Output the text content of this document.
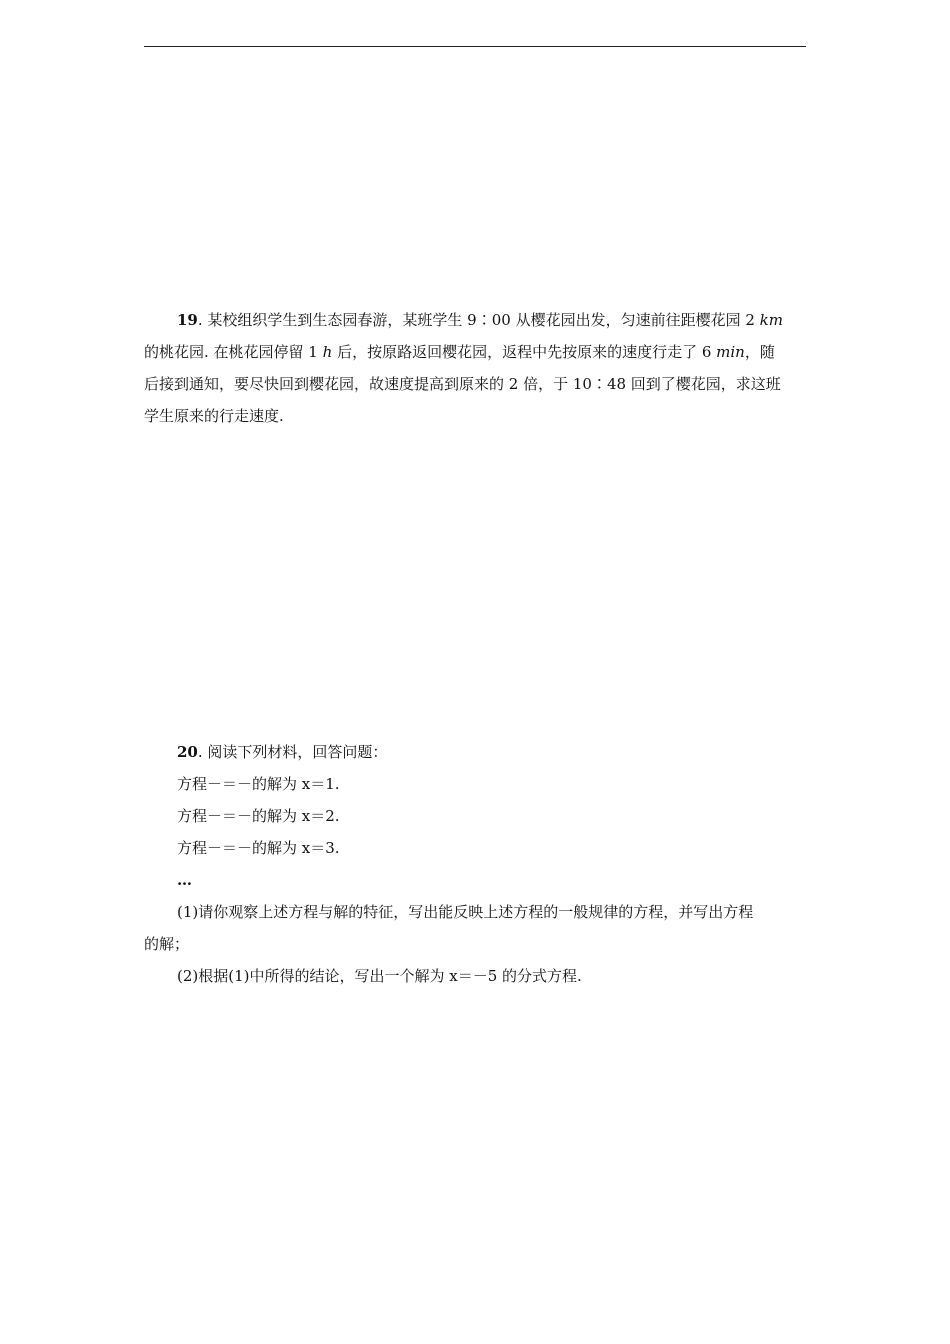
19. 某校组织学生到生态园春游，某班学生 9∶00 从樱花园出发，匀速前往距樱花园 2 km
的桃花园. 在桃花园停留 1 h 后，按原路返回樱花园，返程中先按原来的速度行走了 6 min，随
后接到通知，要尽快回到樱花园，故速度提高到原来的 2 倍，于 10∶48 回到了樱花园，求这班
学生原来的行走速度.
20. 阅读下列材料，回答问题：
方程－＝－的解为 x＝1.
方程－＝－的解为 x＝2.
方程－＝－的解为 x＝3.
…
(1)请你观察上述方程与解的特征，写出能反映上述方程的一般规律的方程，并写出方程
的解；
(2)根据(1)中所得的结论，写出一个解为 x＝－5 的分式方程.
